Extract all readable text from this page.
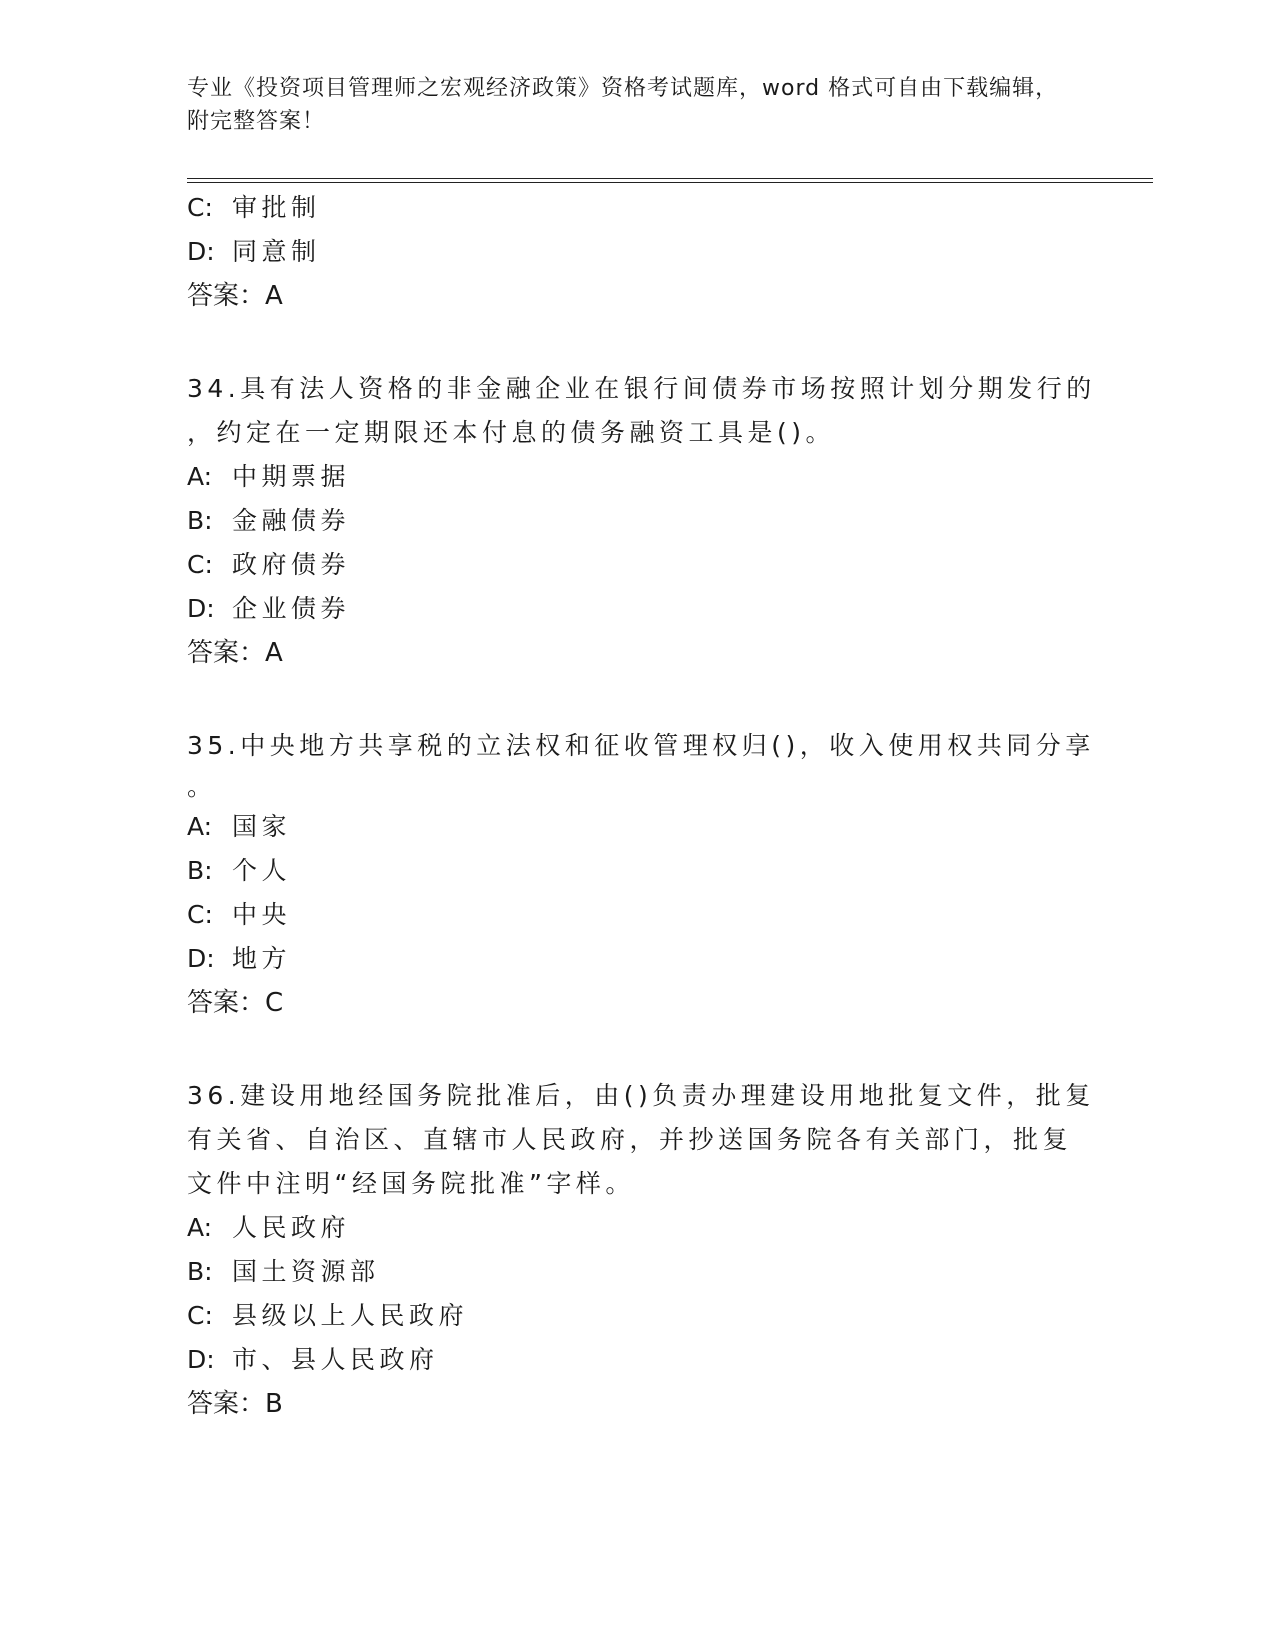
专业《投资项目管理师之宏观经济政策》资格考试题库，word 格式可自由下载编辑，附完整答案！
C: 审批制
D: 同意制
答案：A
34.具有法人资格的非金融企业在银行间债券市场按照计划分期发行的
，约定在一定期限还本付息的债务融资工具是()。
A: 中期票据
B: 金融债券
C: 政府债券
D: 企业债券
答案：A
35.中央地方共享税的立法权和征收管理权归()，收入使用权共同分享
。
A: 国家
B: 个人
C: 中央
D: 地方
答案：C
36.建设用地经国务院批准后，由()负责办理建设用地批复文件，批复
有关省、自治区、直辖市人民政府，并抄送国务院各有关部门，批复
文件中注明“经国务院批准”字样。
A: 人民政府
B: 国土资源部
C: 县级以上人民政府
D: 市、县人民政府
答案：B
